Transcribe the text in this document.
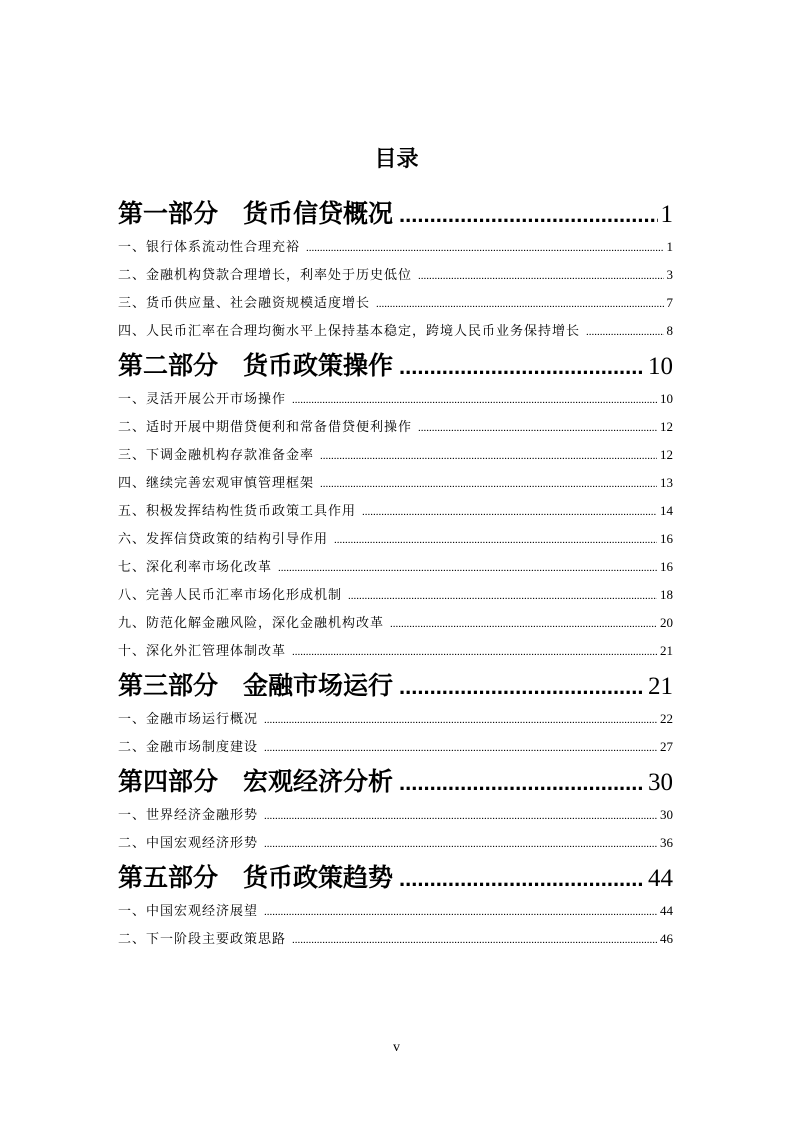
目录
第一部分　货币信贷概况 .....	1
一、银行体系流动性合理充裕 .....	1
二、金融机构贷款合理增长，利率处于历史低位 .....	3
三、货币供应量、社会融资规模适度增长 .....	7
四、人民币汇率在合理均衡水平上保持基本稳定，跨境人民币业务保持增长 .....	8
第二部分　货币政策操作 .....	10
一、灵活开展公开市场操作 .....	10
二、适时开展中期借贷便利和常备借贷便利操作 .....	12
三、下调金融机构存款准备金率 .....	12
四、继续完善宏观审慎管理框架 .....	13
五、积极发挥结构性货币政策工具作用 .....	14
六、发挥信贷政策的结构引导作用 .....	16
七、深化利率市场化改革 .....	16
八、完善人民币汇率市场化形成机制 .....	18
九、防范化解金融风险，深化金融机构改革 .....	20
十、深化外汇管理体制改革 .....	21
第三部分　金融市场运行 .....	21
一、金融市场运行概况 .....	22
二、金融市场制度建设 .....	27
第四部分　宏观经济分析 .....	30
一、世界经济金融形势 .....	30
二、中国宏观经济形势 .....	36
第五部分　货币政策趋势 .....	44
一、中国宏观经济展望 .....	44
二、下一阶段主要政策思路 .....	46
v
